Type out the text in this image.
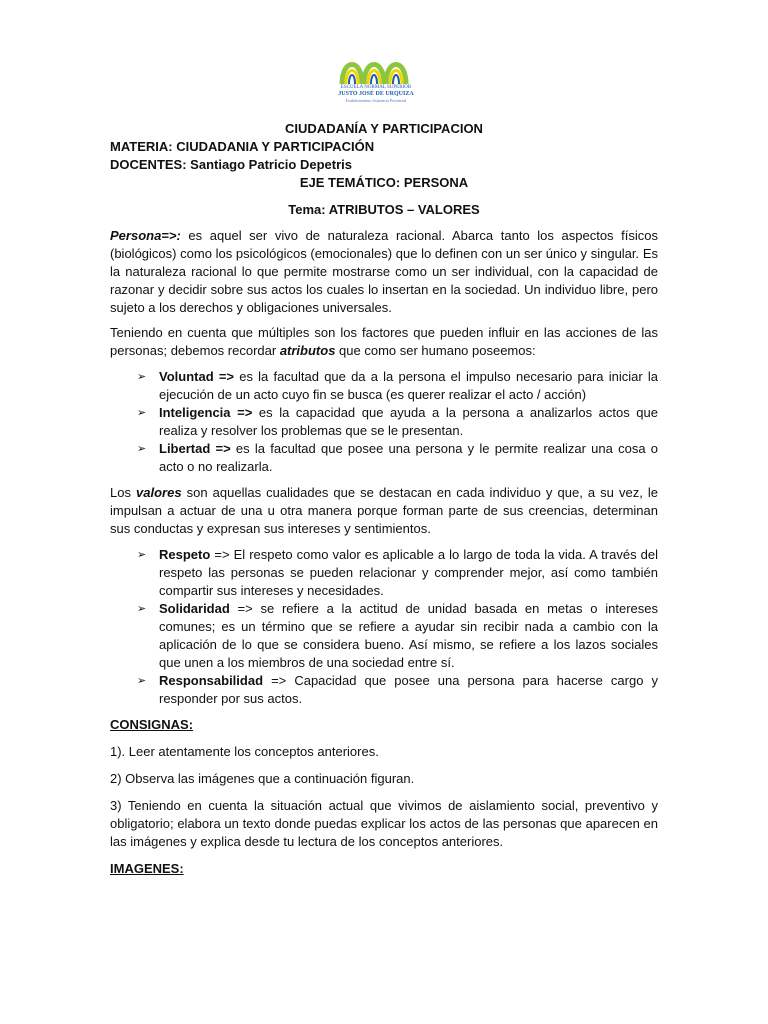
ESCUELA NORMAL SUPERIOR
JUSTO JOSÉ DE URQUIZA
Establecimiento Asistencia Provincial
CIUDADANÍA Y PARTICIPACION
MATERIA: CIUDADANIA Y PARTICIPACIÓN
DOCENTES: Santiago Patricio Depetris
EJE TEMÁTICO: PERSONA
Tema: ATRIBUTOS – VALORES

Persona=>: es aquel ser vivo de naturaleza racional. Abarca tanto los aspectos físicos (biológicos) como los psicológicos (emocionales) que lo definen con un ser único y singular. Es la naturaleza racional lo que permite mostrarse como un ser individual, con la capacidad de razonar y decidir sobre sus actos los cuales lo insertan en la sociedad. Un individuo libre, pero sujeto a los derechos y obligaciones universales.

Teniendo en cuenta que múltiples son los factores que pueden influir en las acciones de las personas; debemos recordar atributos que como ser humano poseemos:

➢ Voluntad => es la facultad que da a la persona el impulso necesario para iniciar la ejecución de un acto cuyo fin se busca (es querer realizar el acto / acción)
➢ Inteligencia => es la capacidad que ayuda a la persona a analizarlos actos que realiza y resolver los problemas que se le presentan.
➢ Libertad => es la facultad que posee una persona y le permite realizar una cosa o acto o no realizarla.

Los valores son aquellas cualidades que se destacan en cada individuo y que, a su vez, le impulsan a actuar de una u otra manera porque forman parte de sus creencias, determinan sus conductas y expresan sus intereses y sentimientos.

➢ Respeto => El respeto como valor es aplicable a lo largo de toda la vida. A través del respeto las personas se pueden relacionar y comprender mejor, así como también compartir sus intereses y necesidades.
➢ Solidaridad => se refiere a la actitud de unidad basada en metas o intereses comunes; es un término que se refiere a ayudar sin recibir nada a cambio con la aplicación de lo que se considera bueno. Así mismo, se refiere a los lazos sociales que unen a los miembros de una sociedad entre sí.
➢ Responsabilidad => Capacidad que posee una persona para hacerse cargo y responder por sus actos.
CONSIGNAS:
1). Leer atentamente los conceptos anteriores.
2) Observa las imágenes que a continuación figuran.

3) Teniendo en cuenta la situación actual que vivimos de aislamiento social, preventivo y obligatorio; elabora un texto donde puedas explicar los actos de las personas que aparecen en las imágenes y explica desde tu lectura de los conceptos anteriores.

IMAGENES:
